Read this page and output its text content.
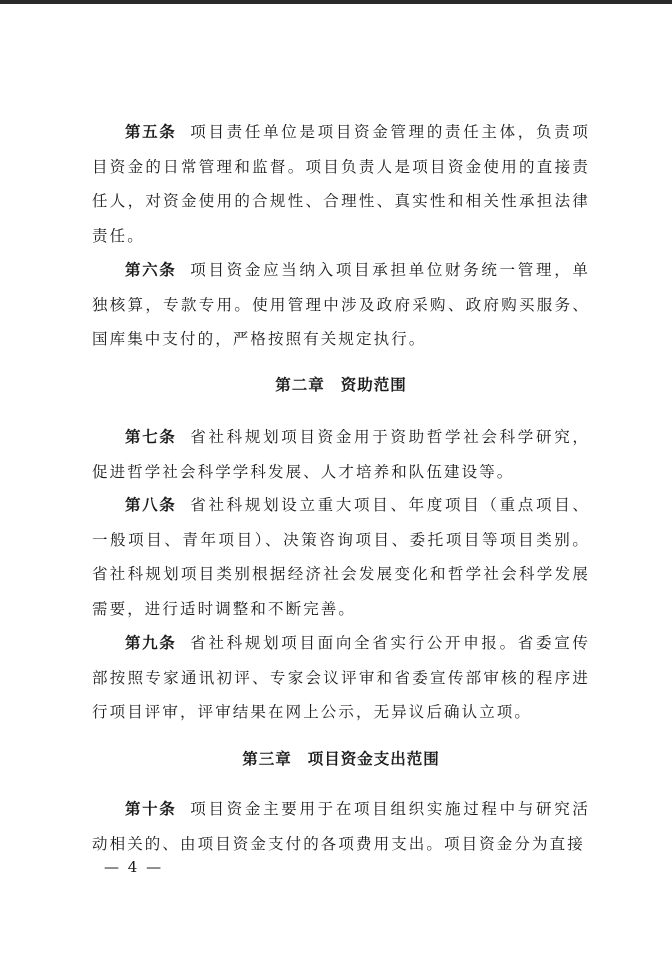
第五条 项目责任单位是项目资金管理的责任主体，负责项目资金的日常管理和监督。项目负责人是项目资金使用的直接责任人，对资金使用的合规性、合理性、真实性和相关性承担法律责任。

第六条 项目资金应当纳入项目承担单位财务统一管理，单独核算，专款专用。使用管理中涉及政府采购、政府购买服务、国库集中支付的，严格按照有关规定执行。

第二章 资助范围

第七条 省社科规划项目资金用于资助哲学社会科学研究，促进哲学社会科学学科发展、人才培养和队伍建设等。

第八条 省社科规划设立重大项目、年度项目（重点项目、一般项目、青年项目）、决策咨询项目、委托项目等项目类别。省社科规划项目类别根据经济社会发展变化和哲学社会科学发展需要，进行适时调整和不断完善。

第九条 省社科规划项目面向全省实行公开申报。省委宣传部按照专家通讯初评、专家会议评审和省委宣传部审核的程序进行项目评审，评审结果在网上公示，无异议后确认立项。

第三章 项目资金支出范围

第十条 项目资金主要用于在项目组织实施过程中与研究活动相关的、由项目资金支付的各项费用支出。项目资金分为直接

— 4 —
